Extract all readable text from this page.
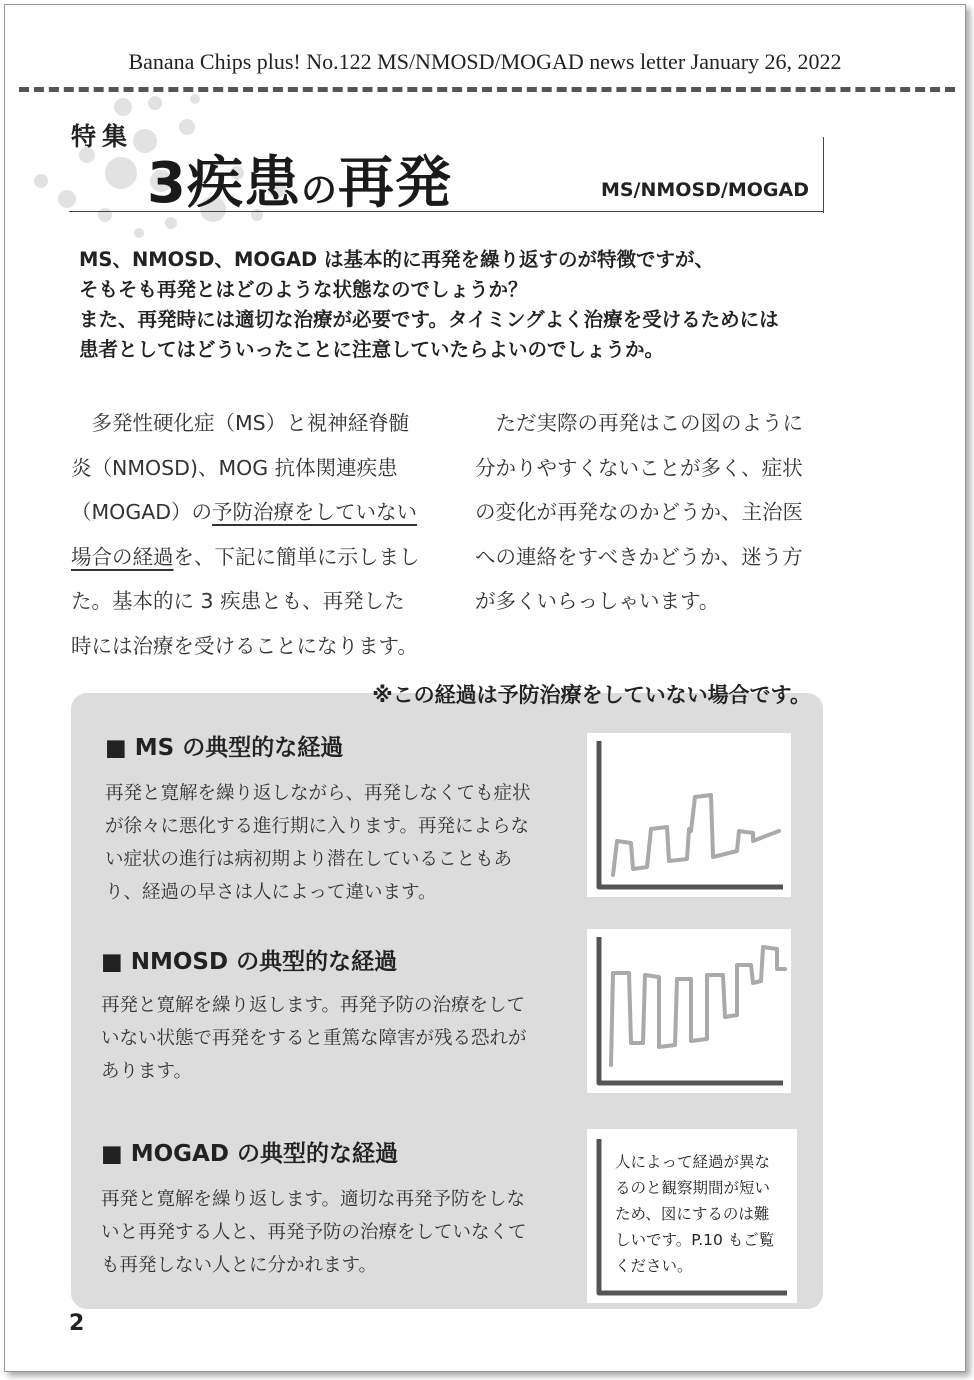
Banana Chips plus! No.122 MS/NMOSD/MOGAD news letter January 26, 2022
特集
3疾患の再発	MS/NMOSD/MOGAD
MS、NMOSD、MOGAD は基本的に再発を繰り返すのが特徴ですが、
そもそも再発とはどのような状態なのでしょうか？
また、再発時には適切な治療が必要です。タイミングよく治療を受けるためには
患者としてはどういったことに注意していたらよいのでしょうか。
　多発性硬化症（MS）と視神経脊髄
炎（NMOSD)、MOG 抗体関連疾患
（MOGAD）の予防治療をしていない
場合の経過を、下記に簡単に示しまし
た。基本的に 3 疾患とも、再発した
時には治療を受けることになります。
　ただ実際の再発はこの図のように
分かりやすくないことが多く、症状
の変化が再発なのかどうか、主治医
への連絡をすべきかどうか、迷う方
が多くいらっしゃいます。
※この経過は予防治療をしていない場合です。
■ MS の典型的な経過
再発と寛解を繰り返しながら、再発しなくても症状
が徐々に悪化する進行期に入ります。再発によらな
い症状の進行は病初期より潜在していることもあ
り、経過の早さは人によって違います。
■ NMOSD の典型的な経過
再発と寛解を繰り返します。再発予防の治療をして
いない状態で再発をすると重篤な障害が残る恐れが
あります。
■ MOGAD の典型的な経過
再発と寛解を繰り返します。適切な再発予防をしな
いと再発する人と、再発予防の治療をしていなくて
も再発しない人とに分かれます。
人によって経過が異な
るのと観察期間が短い
ため、図にするのは難
しいです。P.10 もご覧
ください。
2
